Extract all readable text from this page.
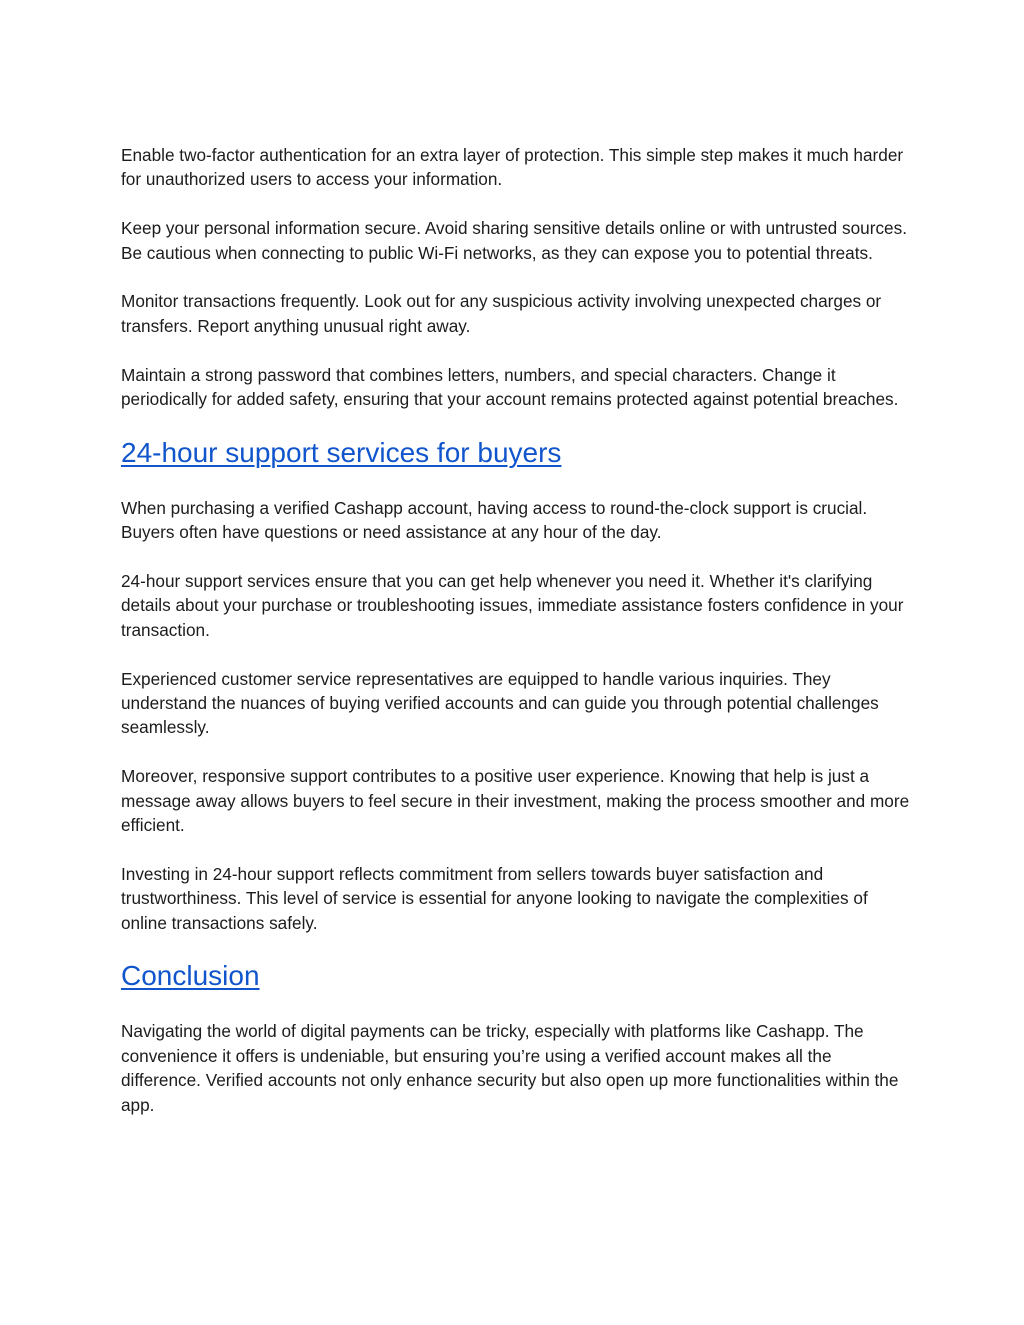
Enable two-factor authentication for an extra layer of protection. This simple step makes it much harder for unauthorized users to access your information.

Keep your personal information secure. Avoid sharing sensitive details online or with untrusted sources. Be cautious when connecting to public Wi-Fi networks, as they can expose you to potential threats.

Monitor transactions frequently. Look out for any suspicious activity involving unexpected charges or transfers. Report anything unusual right away.

Maintain a strong password that combines letters, numbers, and special characters. Change it periodically for added safety, ensuring that your account remains protected against potential breaches.

24-hour support services for buyers

When purchasing a verified Cashapp account, having access to round-the-clock support is crucial. Buyers often have questions or need assistance at any hour of the day.

24-hour support services ensure that you can get help whenever you need it. Whether it's clarifying details about your purchase or troubleshooting issues, immediate assistance fosters confidence in your transaction.

Experienced customer service representatives are equipped to handle various inquiries. They understand the nuances of buying verified accounts and can guide you through potential challenges seamlessly.

Moreover, responsive support contributes to a positive user experience. Knowing that help is just a message away allows buyers to feel secure in their investment, making the process smoother and more efficient.

Investing in 24-hour support reflects commitment from sellers towards buyer satisfaction and trustworthiness. This level of service is essential for anyone looking to navigate the complexities of online transactions safely.

Conclusion

Navigating the world of digital payments can be tricky, especially with platforms like Cashapp. The convenience it offers is undeniable, but ensuring you’re using a verified account makes all the difference. Verified accounts not only enhance security but also open up more functionalities within the app.
